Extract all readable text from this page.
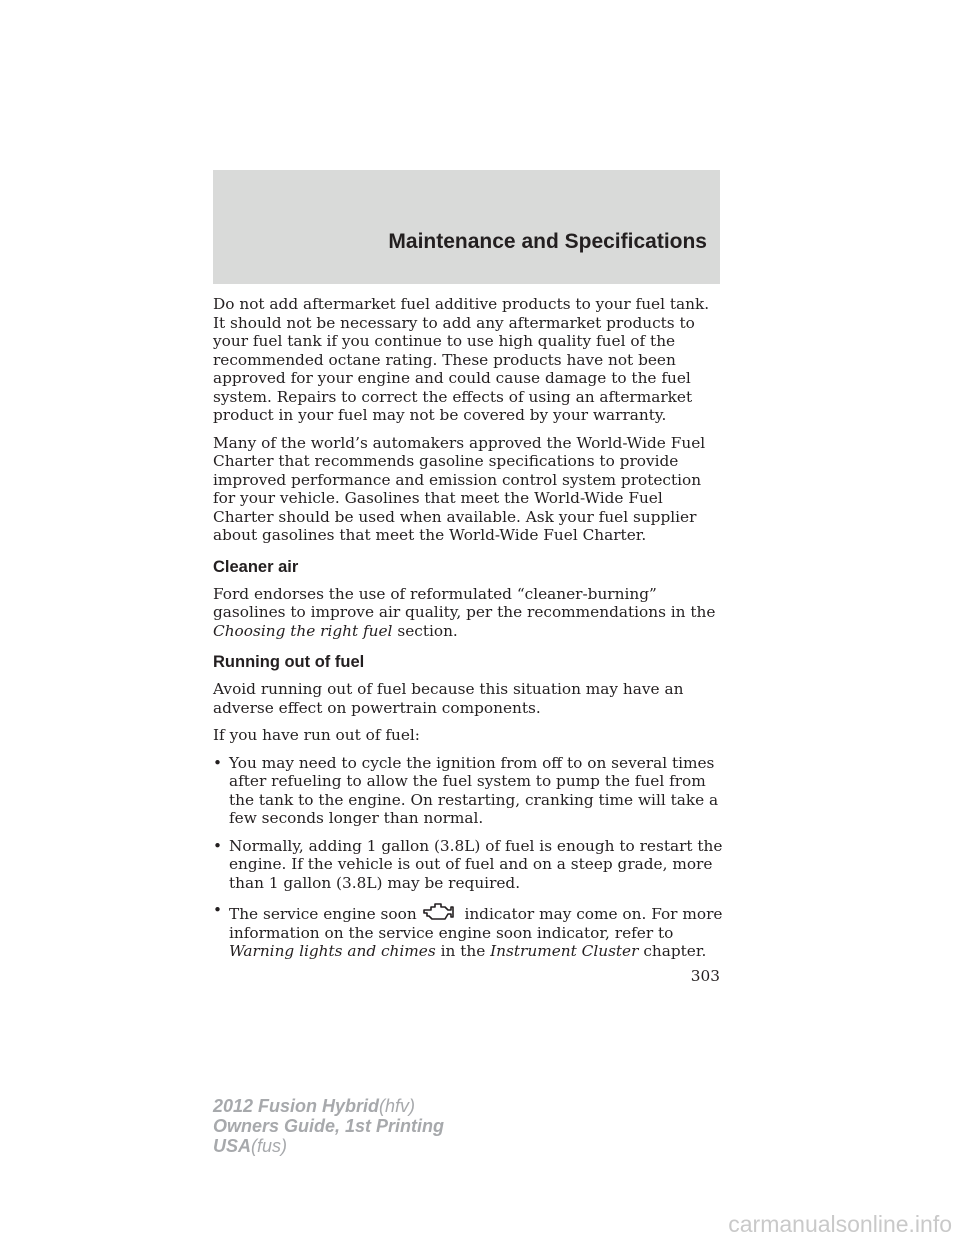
Maintenance and Specifications

Do not add aftermarket fuel additive products to your fuel tank. It should not be necessary to add any aftermarket products to your fuel tank if you continue to use high quality fuel of the recommended octane rating. These products have not been approved for your engine and could cause damage to the fuel system. Repairs to correct the effects of using an aftermarket product in your fuel may not be covered by your warranty.

Many of the world’s automakers approved the World-Wide Fuel Charter that recommends gasoline specifications to provide improved performance and emission control system protection for your vehicle. Gasolines that meet the World-Wide Fuel Charter should be used when available. Ask your fuel supplier about gasolines that meet the World-Wide Fuel Charter.

Cleaner air

Ford endorses the use of reformulated “cleaner-burning” gasolines to improve air quality, per the recommendations in the Choosing the right fuel section.

Running out of fuel

Avoid running out of fuel because this situation may have an adverse effect on powertrain components.

If you have run out of fuel:

• You may need to cycle the ignition from off to on several times after refueling to allow the fuel system to pump the fuel from the tank to the engine. On restarting, cranking time will take a few seconds longer than normal.
• Normally, adding 1 gallon (3.8L) of fuel is enough to restart the engine. If the vehicle is out of fuel and on a steep grade, more than 1 gallon (3.8L) may be required.
• The service engine soon	indicator may come on. For more information on the service engine soon indicator, refer to Warning lights and chimes in the Instrument Cluster chapter.
303
2012 Fusion Hybrid(hfv)
Owners Guide, 1st Printing
USA(fus)
carmanualsonline.info
